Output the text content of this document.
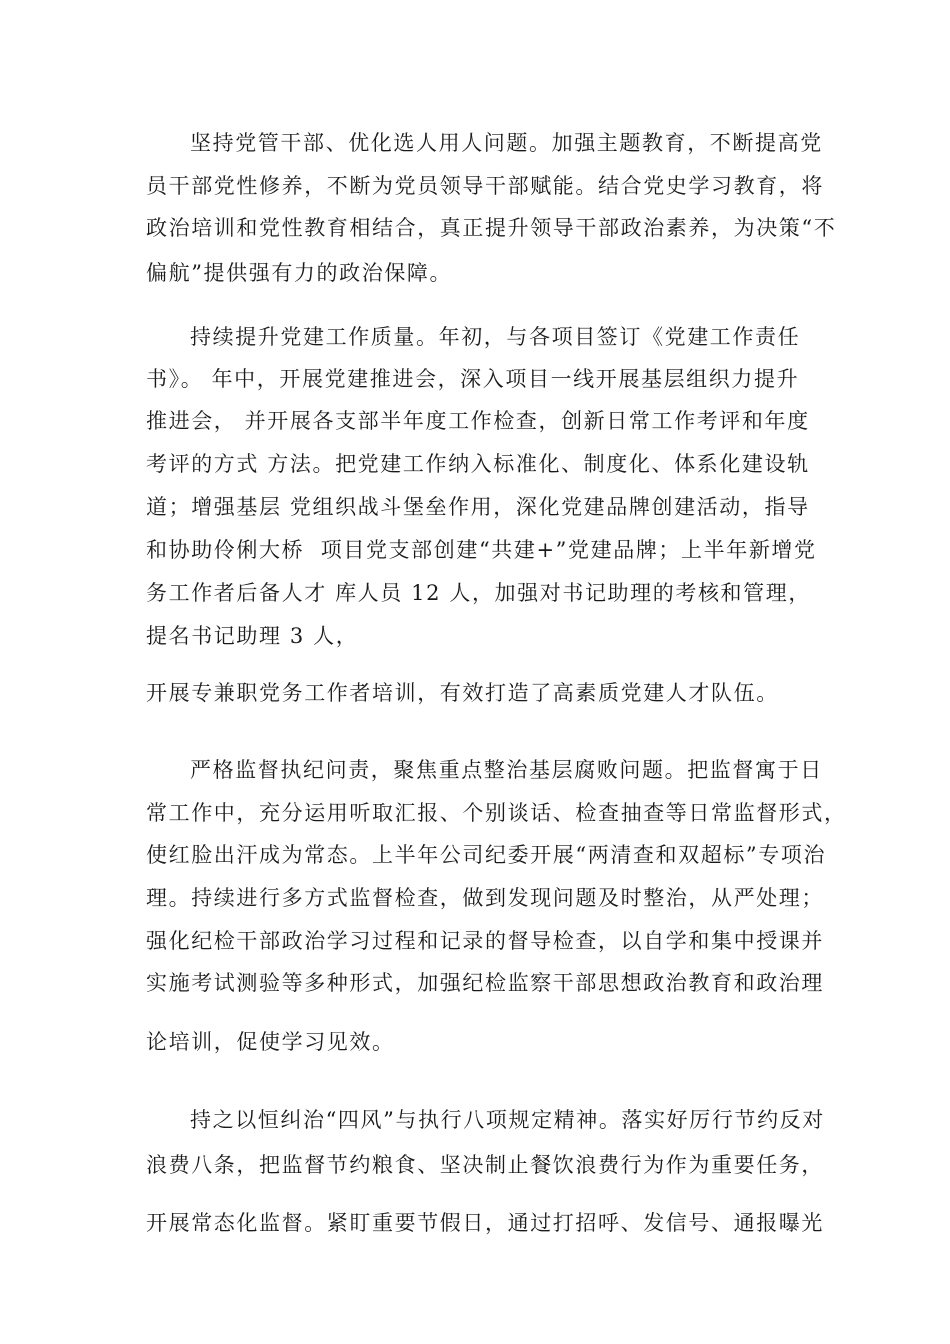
坚持党管干部、优化选人用人问题。加强主题教育，不断提高党
员干部党性修养，不断为党员领导干部赋能。结合党史学习教育，将
政治培训和党性教育相结合，真正提升领导干部政治素养，为决策“不
偏航”提供强有力的政治保障。
持续提升党建工作质量。年初，与各项目签订《党建工作责任
书》。 年中，开展党建推进会，深入项目一线开展基层组织力提升
推进会， 并开展各支部半年度工作检查，创新日常工作考评和年度
考评的方式 方法。把党建工作纳入标准化、制度化、体系化建设轨
道；增强基层 党组织战斗堡垒作用，深化党建品牌创建活动，指导
和协助伶俐大桥  项目党支部创建“共建+”党建品牌；上半年新增党
务工作者后备人才 库人员 12 人，加强对书记助理的考核和管理，
提名书记助理 3 人，
开展专兼职党务工作者培训，有效打造了高素质党建人才队伍。
严格监督执纪问责，聚焦重点整治基层腐败问题。把监督寓于日
常工作中，充分运用听取汇报、个别谈话、检查抽查等日常监督形式，
使红脸出汗成为常态。上半年公司纪委开展“两清查和双超标”专项治
理。持续进行多方式监督检查，做到发现问题及时整治，从严处理；
强化纪检干部政治学习过程和记录的督导检查，以自学和集中授课并
实施考试测验等多种形式，加强纪检监察干部思想政治教育和政治理
论培训，促使学习见效。
持之以恒纠治“四风”与执行八项规定精神。落实好厉行节约反对
浪费八条，把监督节约粮食、坚决制止餐饮浪费行为作为重要任务，
开展常态化监督。紧盯重要节假日，通过打招呼、发信号、通报曝光
